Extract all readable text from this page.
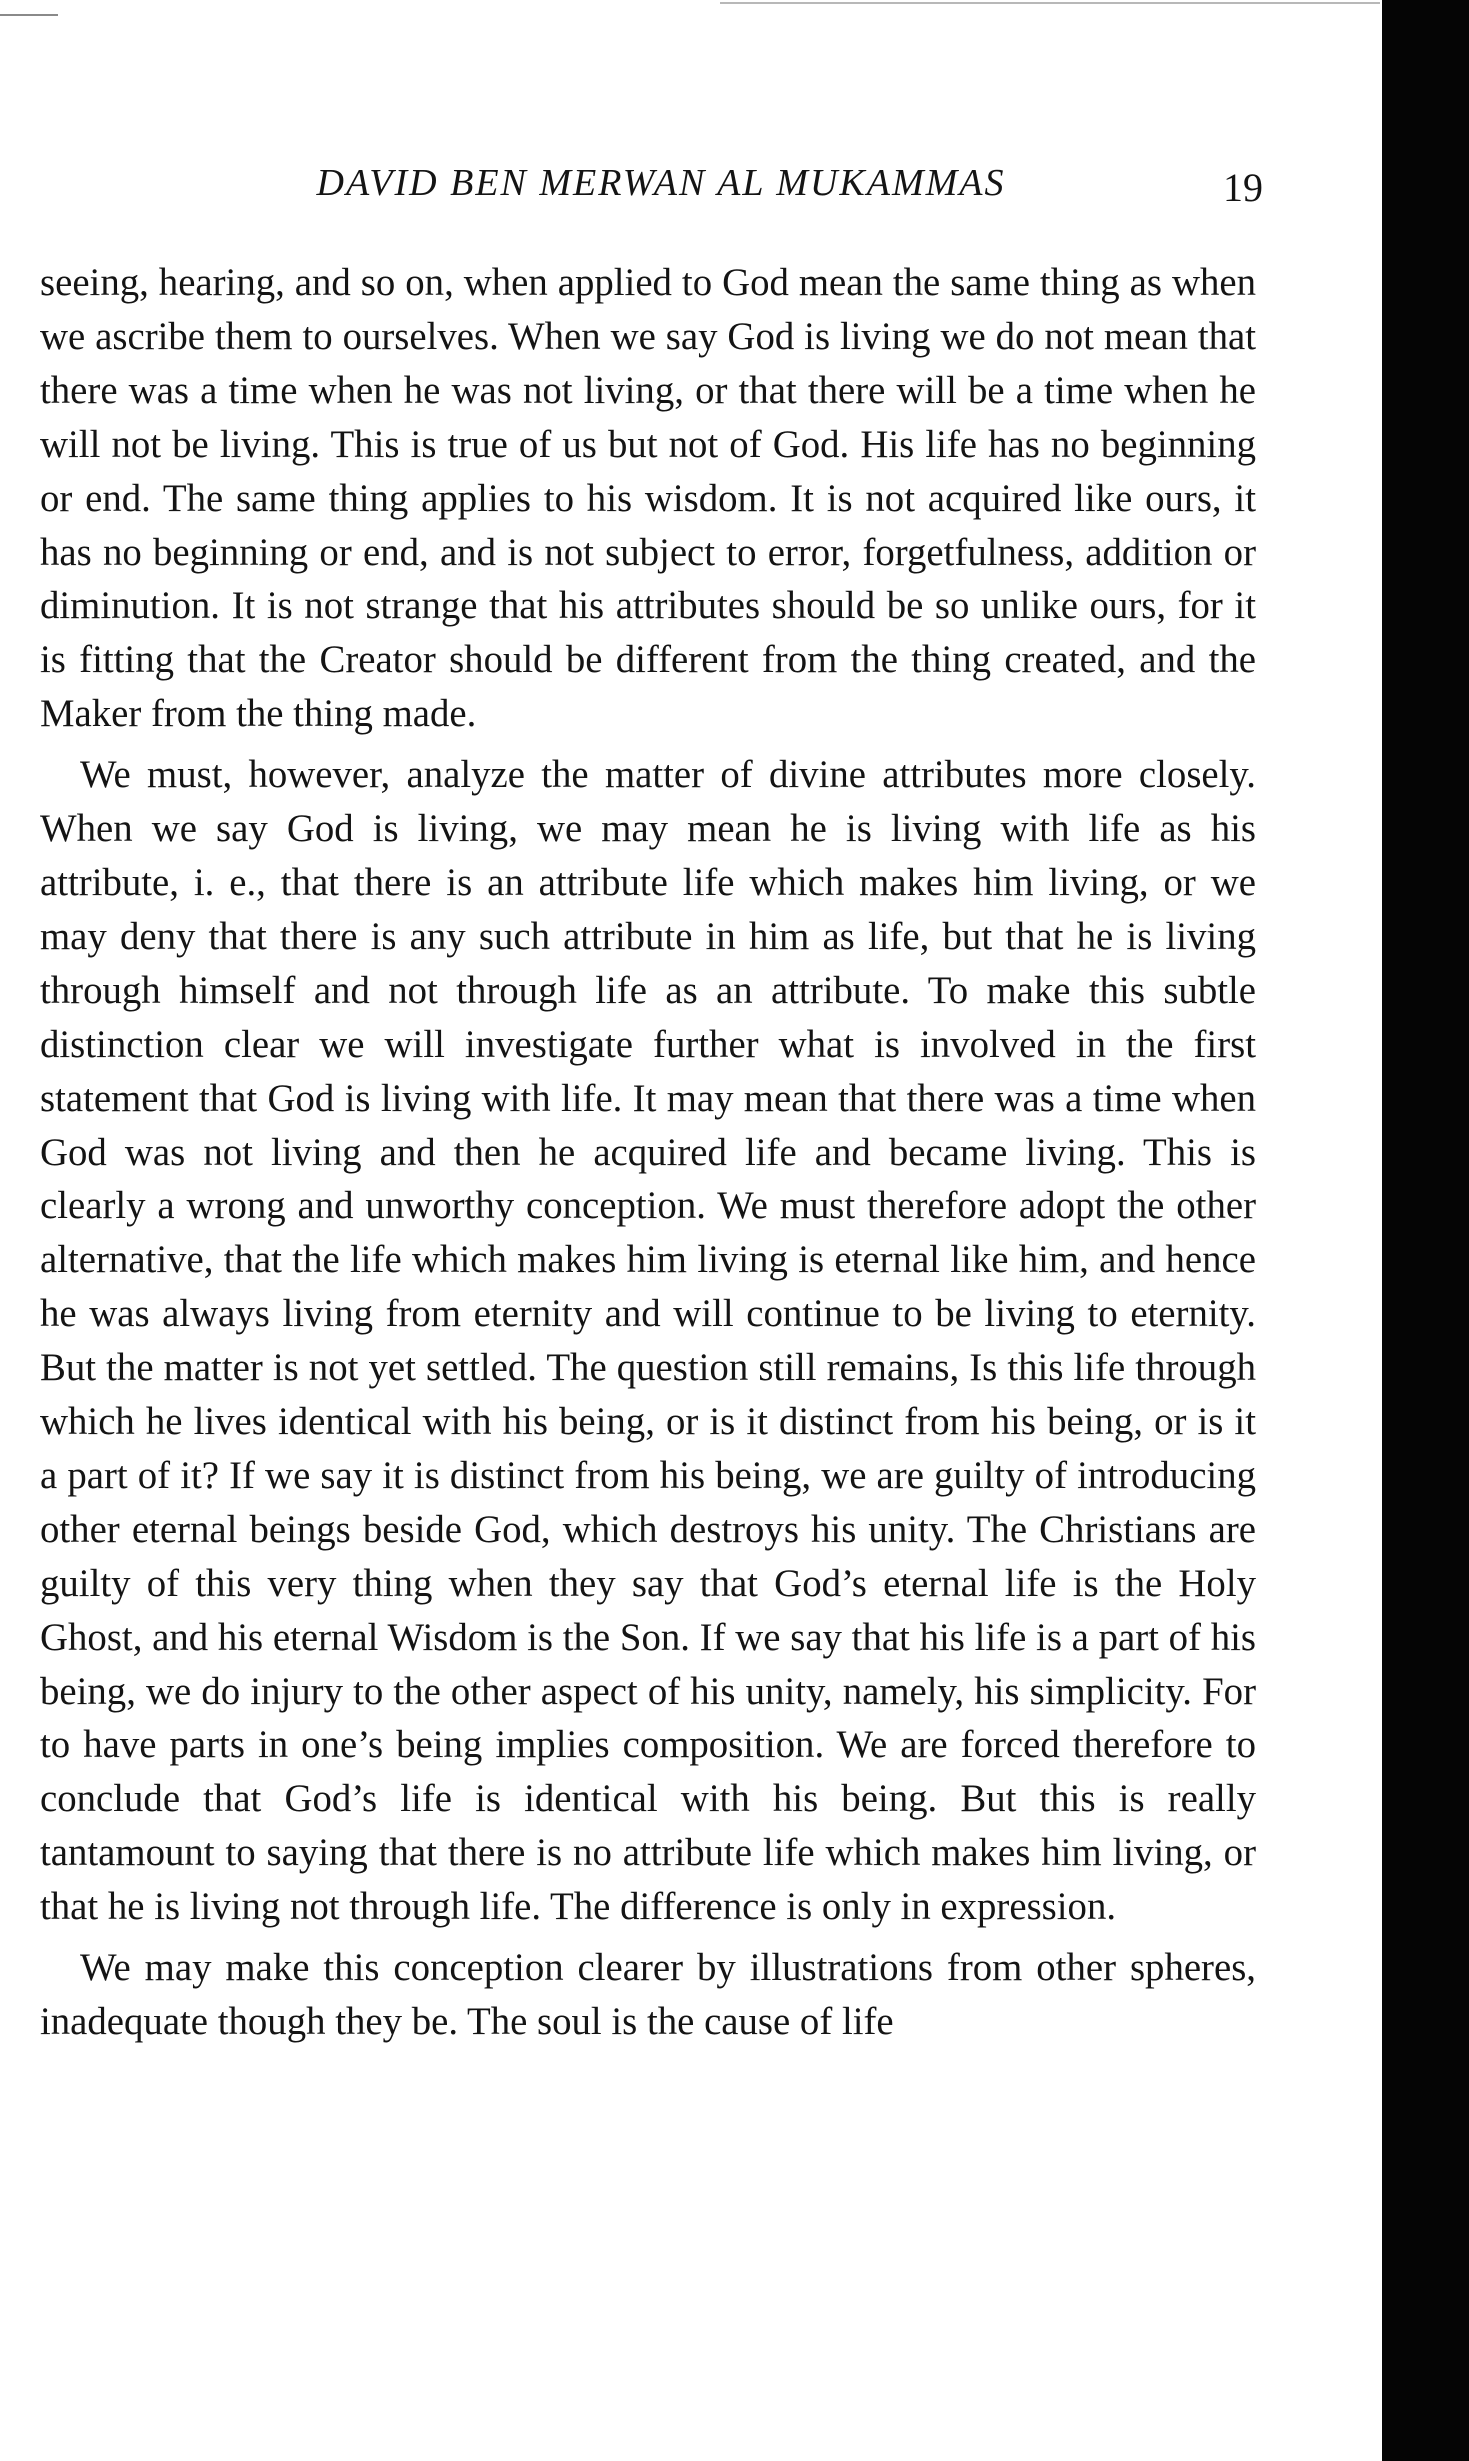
DAVID BEN MERWAN AL MUKAMMAS	19

seeing, hearing, and so on, when applied to God mean the same thing as when we ascribe them to ourselves. When we say God is living we do not mean that there was a time when he was not living, or that there will be a time when he will not be living. This is true of us but not of God. His life has no beginning or end. The same thing applies to his wisdom. It is not acquired like ours, it has no beginning or end, and is not subject to error, forgetfulness, addition or diminution. It is not strange that his attributes should be so unlike ours, for it is fitting that the Creator should be different from the thing created, and the Maker from the thing made.

We must, however, analyze the matter of divine attributes more closely. When we say God is living, we may mean he is living with life as his attribute, i. e., that there is an attribute life which makes him living, or we may deny that there is any such attribute in him as life, but that he is living through himself and not through life as an attribute. To make this subtle distinction clear we will investigate further what is involved in the first statement that God is living with life. It may mean that there was a time when God was not living and then he acquired life and became living. This is clearly a wrong and unworthy conception. We must therefore adopt the other alternative, that the life which makes him living is eternal like him, and hence he was always living from eternity and will continue to be living to eternity. But the matter is not yet settled. The question still remains, Is this life through which he lives identical with his being, or is it distinct from his being, or is it a part of it? If we say it is distinct from his being, we are guilty of introducing other eternal beings beside God, which destroys his unity. The Christians are guilty of this very thing when they say that God’s eternal life is the Holy Ghost, and his eternal Wisdom is the Son. If we say that his life is a part of his being, we do injury to the other aspect of his unity, namely, his simplicity. For to have parts in one’s being implies composition. We are forced therefore to conclude that God’s life is identical with his being. But this is really tantamount to saying that there is no attribute life which makes him living, or that he is living not through life. The difference is only in expression.

We may make this conception clearer by illustrations from other spheres, inadequate though they be. The soul is the cause of life
